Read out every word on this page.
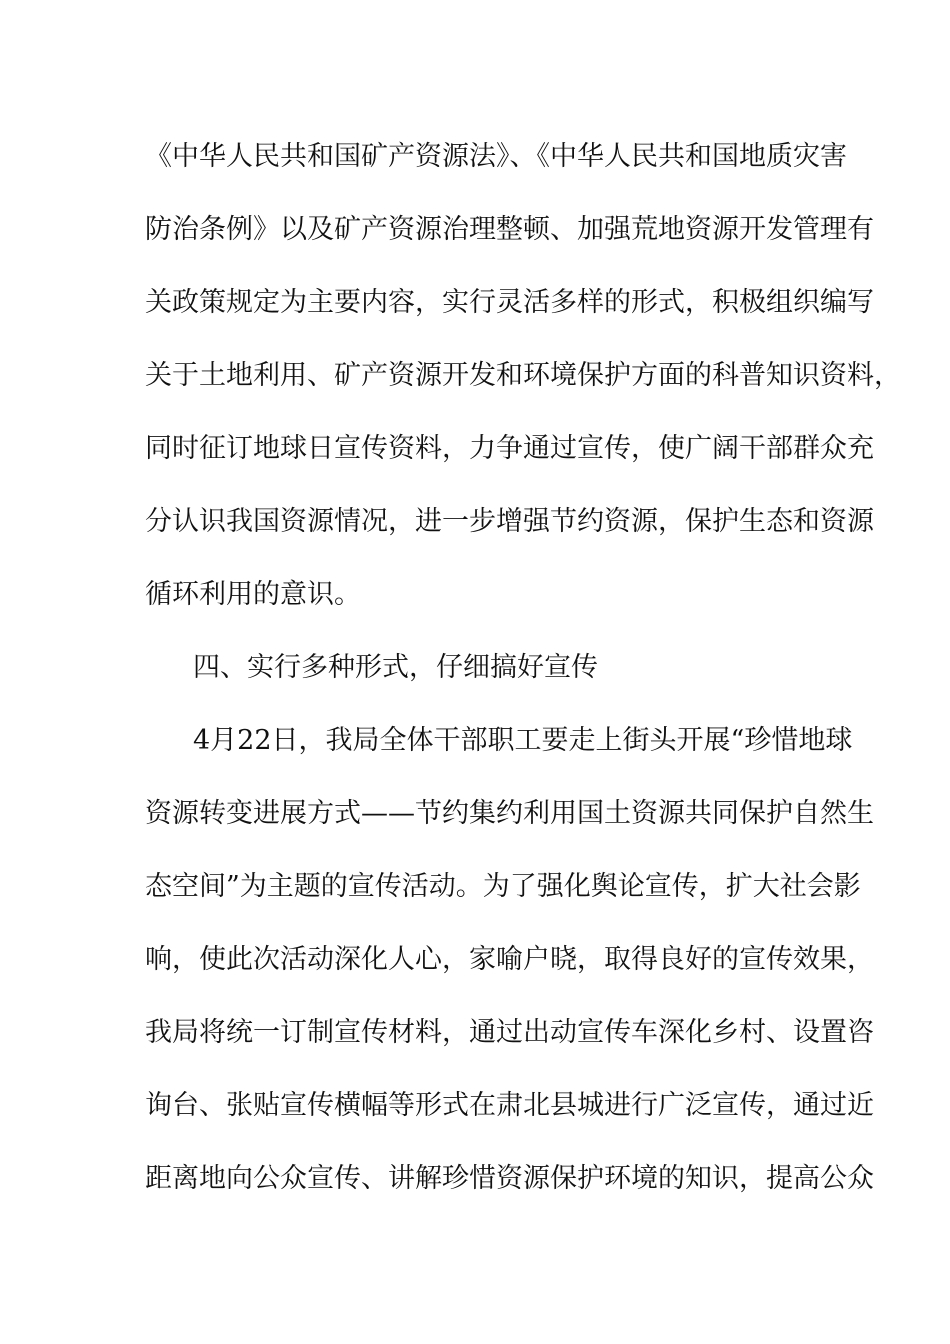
《中华人民共和国矿产资源法》、《中华人民共和国地质灾害
防治条例》以及矿产资源治理整顿、加强荒地资源开发管理有
关政策规定为主要内容，实行灵活多样的形式，积极组织编写
关于土地利用、矿产资源开发和环境保护方面的科普知识资料，
同时征订地球日宣传资料，力争通过宣传，使广阔干部群众充
分认识我国资源情况，进一步增强节约资源，保护生态和资源
循环利用的意识。
四、实行多种形式，仔细搞好宣传
4月22日，我局全体干部职工要走上街头开展“珍惜地球
资源转变进展方式——节约集约利用国土资源共同保护自然生
态空间”为主题的宣传活动。为了强化舆论宣传，扩大社会影
响，使此次活动深化人心，家喻户晓，取得良好的宣传效果，
我局将统一订制宣传材料，通过出动宣传车深化乡村、设置咨
询台、张贴宣传横幅等形式在肃北县城进行广泛宣传，通过近
距离地向公众宣传、讲解珍惜资源保护环境的知识，提高公众
